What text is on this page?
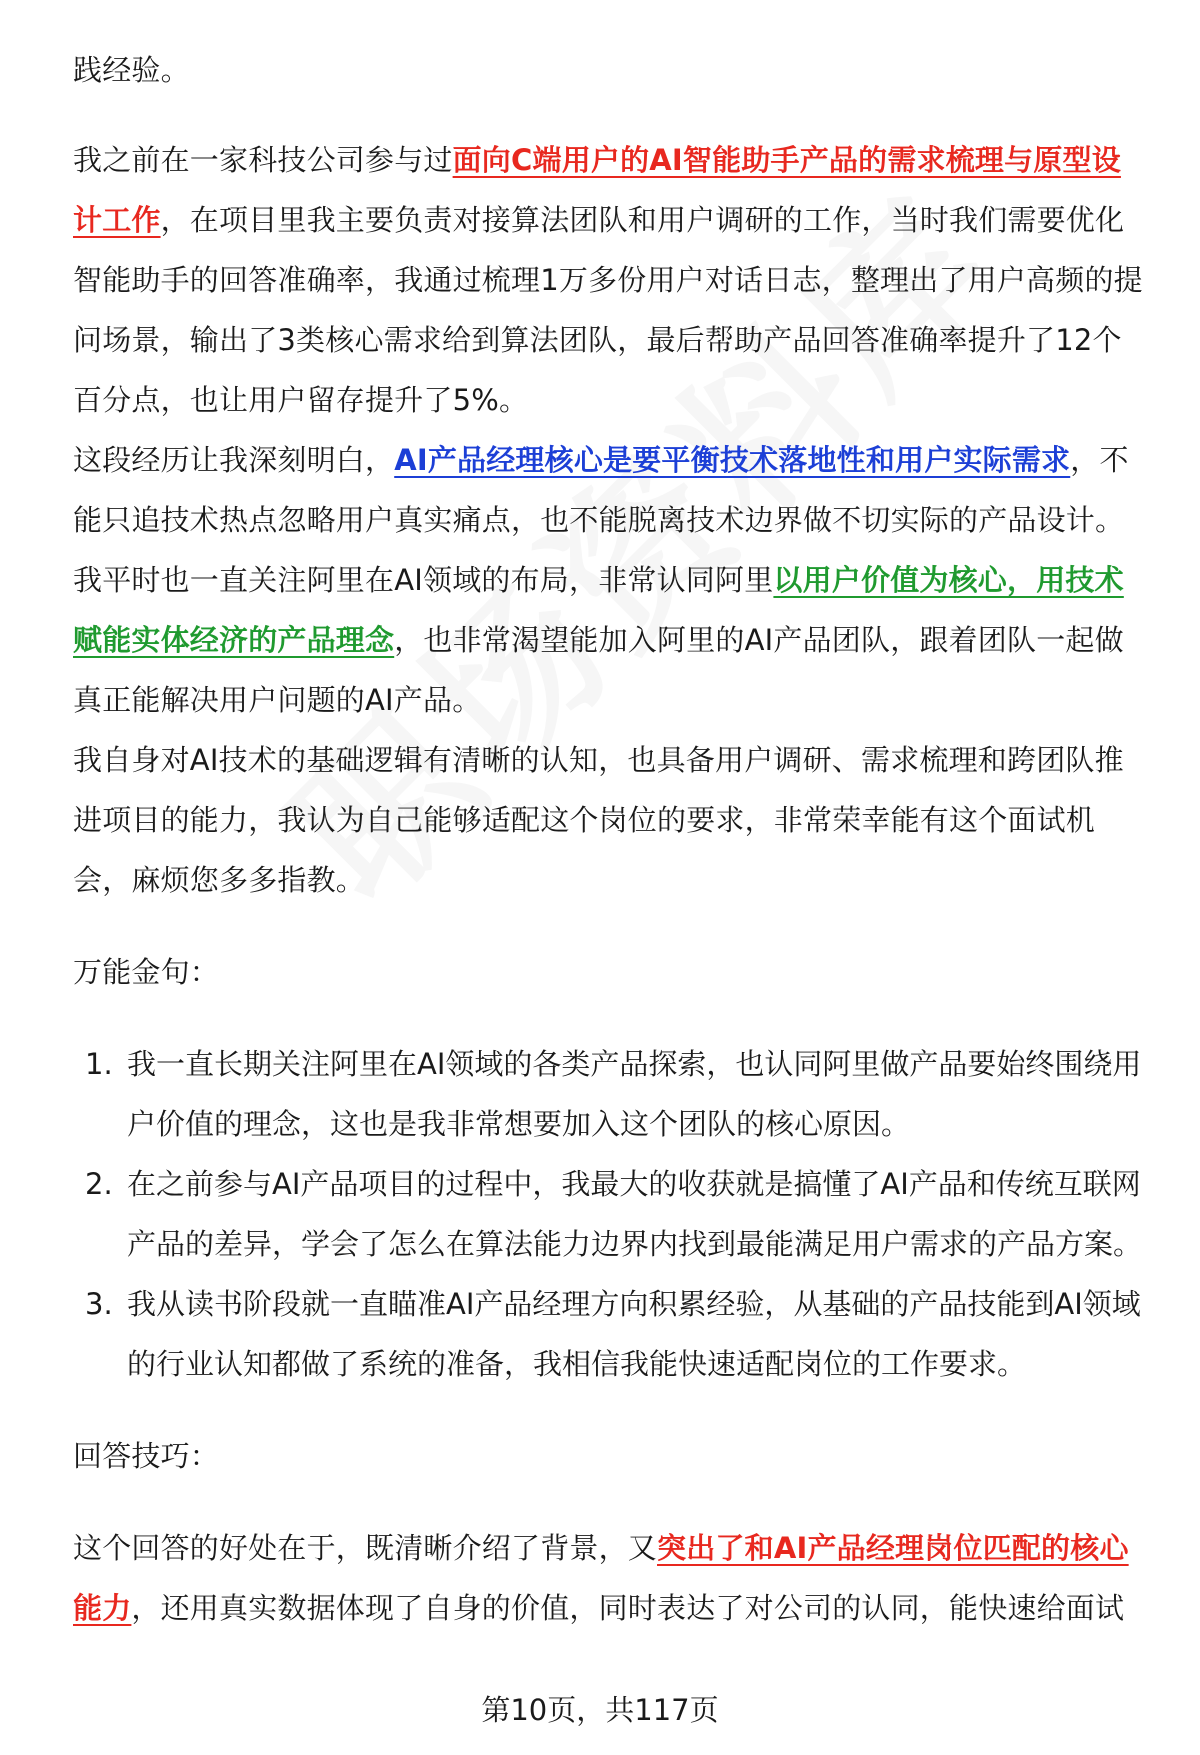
践经验。

我之前在一家科技公司参与过面向C端用户的AI智能助手产品的需求梳理与原型设计工作，在项目里我主要负责对接算法团队和用户调研的工作，当时我们需要优化智能助手的回答准确率，我通过梳理1万多份用户对话日志，整理出了用户高频的提问场景，输出了3类核心需求给到算法团队，最后帮助产品回答准确率提升了12个百分点，也让用户留存提升了5%。

这段经历让我深刻明白，AI产品经理核心是要平衡技术落地性和用户实际需求，不能只追技术热点忽略用户真实痛点，也不能脱离技术边界做不切实际的产品设计。

我平时也一直关注阿里在AI领域的布局，非常认同阿里以用户价值为核心，用技术赋能实体经济的产品理念，也非常渴望能加入阿里的AI产品团队，跟着团队一起做真正能解决用户问题的AI产品。

我自身对AI技术的基础逻辑有清晰的认知，也具备用户调研、需求梳理和跨团队推进项目的能力，我认为自己能够适配这个岗位的要求，非常荣幸能有这个面试机会，麻烦您多多指教。

万能金句：

1. 我一直长期关注阿里在AI领域的各类产品探索，也认同阿里做产品要始终围绕用户价值的理念，这也是我非常想要加入这个团队的核心原因。
2. 在之前参与AI产品项目的过程中，我最大的收获就是搞懂了AI产品和传统互联网产品的差异，学会了怎么在算法能力边界内找到最能满足用户需求的产品方案。
3. 我从读书阶段就一直瞄准AI产品经理方向积累经验，从基础的产品技能到AI领域的行业认知都做了系统的准备，我相信我能快速适配岗位的工作要求。

回答技巧：

这个回答的好处在于，既清晰介绍了背景，又突出了和AI产品经理岗位匹配的核心能力，还用真实数据体现了自身的价值，同时表达了对公司的认同，能快速给面试

第10页，共117页
